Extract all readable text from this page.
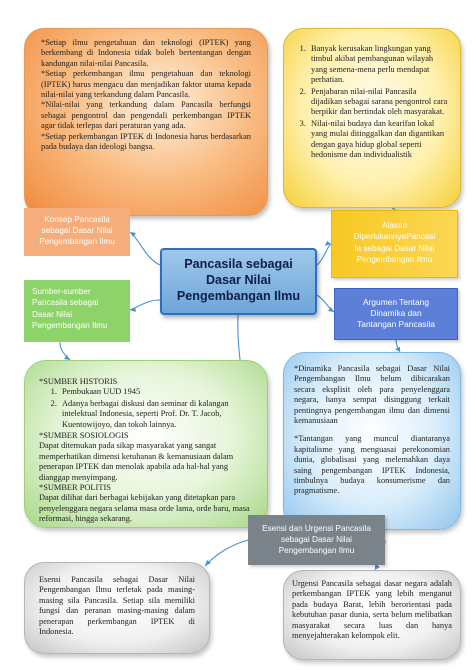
*Setiap ilmu pengetahuan dan teknologi (IPTEK) yang berkembang di Indonesia tidak boleh bertentangan dengan kandungan nilai-nilai Pancasila.

*Setiap perkembangan ilmu pengetahuan dan teknologi (IPTEK) harus mengacu dan menjadikan faktor utama kepada nilai-nilai yang terkandung dalam Pancasila.

*Nilai-nilai yang terkandung dalam Pancasila berfungsi sebagai pengontrol dan pengendali perkembangan IPTEK agar tidak terlepas dari peraturan yang ada.

*Setiap perkembangan IPTEK di Indonesia harus berdasarkan pada budaya dan ideologi bangsa.

1. Banyak kerusakan lingkungan yang timbul akibat pembangunan wilayah yang semena-mena perlu mendapat perhatian.
2. Penjabaran nilai-nilai Pancasila dijadikan sebagai sarana pengontrol cara berpikir dan bertindak oleh masyarakat.
3. Nilai-nilai budaya dan kearifan lokal yang mulai ditinggalkan dan digantikan dengan gaya hidup global seperti hedonisme dan individualistik
Konsep Pancasila
sebagai Dasar Nilai
Pengembangan Ilmu
Alasan
DiperlukannyaPancasi
la sebagai Dasar Nilai
Pengembangan Ilmu
Pancasila sebagai
Dasar Nilai
Pengembangan Ilmu
Sumber-sumber
Pancasila sebagai
Dasar Nilai
Pengembangan Ilmu
Argumen Tentang
Dinamika dan
Tantangan Pancasila

*SUMBER HISTORIS

1. Pembukaan UUD 1945
2. Adanya berbagai diskusi dan seminar di kalangan intelektual Indonesia, seperti Prof. Dr. T. Jacob, Kuentowijoyo, dan tokoh lainnya.

*SUMBER SOSIOLOGIS

Dapat ditemukan pada sikap masyarakat yang sangat memperhatikan dimensi ketuhanan & kemanusiaan dalam penerapan IPTEK dan menolak apabila ada hal-hal yang dianggap menyimpang.

*SUMBER POLITIS

Dapat dilihat dari berbagai kebijakan yang ditetapkan para penyelenggara negara selama masa orde lama, orde baru, masa reformasi, hingga sekarang.

*Dinamika Pancasila sebagai Dasar Nilai Pengembangan Ilmu belum dibicarakan secara eksplisit oleh para penyelenggara negara, hanya sempat disinggung terkait pentingnya pengembangan ilmu dan dimensi kemanusiaan

*Tantangan yang muncul diantaranya kapitalisme yang menguasai perekonomian dunia, globalisasi yang melemahkan daya saing pengembangan IPTEK Indonesia, timbulnya budaya konsumerisme dan pragmatisme.

Esensi dan Urgensi Pancasila
sebagai Dasar Nilai
Pengembangan Ilmu

Esensi Pancasila sebagai Dasar Nilai Pengembangan Ilmu terletak pada masing-masing sila Pancasila. Setiap sila memiliki fungsi dan peranan masing-masing dalam penerapan perkembangan IPTEK di Indonesia.

Urgensi Pancasila sebagai dasar negara adalah perkembangan IPTEK yang lebih menganut pada budaya Barat, lebih berorientasi pada kebutuhan pasar dunia, serta belum melibatkan masyarakat secara luas dan hanya menyejahterakan kelompok elit.
